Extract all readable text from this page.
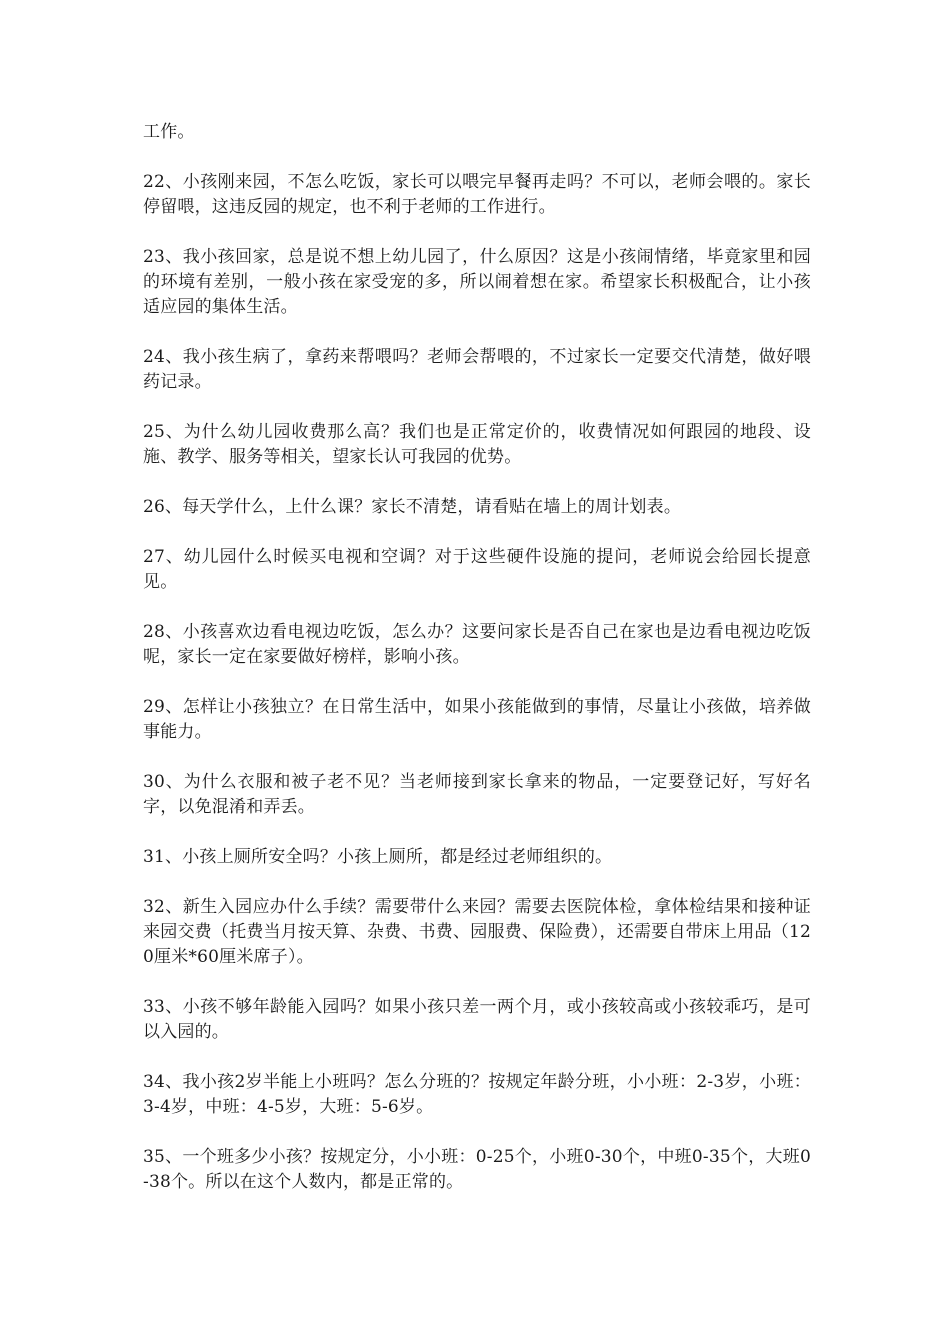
工作。

22、小孩刚来园，不怎么吃饭，家长可以喂完早餐再走吗？不可以，老师会喂的。家长停留喂，这违反园的规定，也不利于老师的工作进行。

23、我小孩回家，总是说不想上幼儿园了，什么原因？这是小孩闹情绪，毕竟家里和园的环境有差别，一般小孩在家受宠的多，所以闹着想在家。希望家长积极配合，让小孩适应园的集体生活。

24、我小孩生病了，拿药来帮喂吗？老师会帮喂的，不过家长一定要交代清楚，做好喂药记录。

25、为什么幼儿园收费那么高？我们也是正常定价的，收费情况如何跟园的地段、设施、教学、服务等相关，望家长认可我园的优势。

26、每天学什么，上什么课？家长不清楚，请看贴在墙上的周计划表。

27、幼儿园什么时候买电视和空调？对于这些硬件设施的提问，老师说会给园长提意见。

28、小孩喜欢边看电视边吃饭，怎么办？这要问家长是否自己在家也是边看电视边吃饭呢，家长一定在家要做好榜样，影响小孩。

29、怎样让小孩独立？在日常生活中，如果小孩能做到的事情，尽量让小孩做，培养做事能力。

30、为什么衣服和被子老不见？当老师接到家长拿来的物品，一定要登记好，写好名字，以免混淆和弄丢。

31、小孩上厕所安全吗？小孩上厕所，都是经过老师组织的。

32、新生入园应办什么手续？需要带什么来园？需要去医院体检，拿体检结果和接种证来园交费（托费当月按天算、杂费、书费、园服费、保险费），还需要自带床上用品（120厘米*60厘米席子）。

33、小孩不够年龄能入园吗？如果小孩只差一两个月，或小孩较高或小孩较乖巧，是可以入园的。

34、我小孩2岁半能上小班吗？怎么分班的？按规定年龄分班，小小班：2-3岁，小班：3-4岁，中班：4-5岁，大班：5-6岁。

35、一个班多少小孩？按规定分，小小班：0-25个，小班0-30个，中班0-35个，大班0-38个。所以在这个人数内，都是正常的。
